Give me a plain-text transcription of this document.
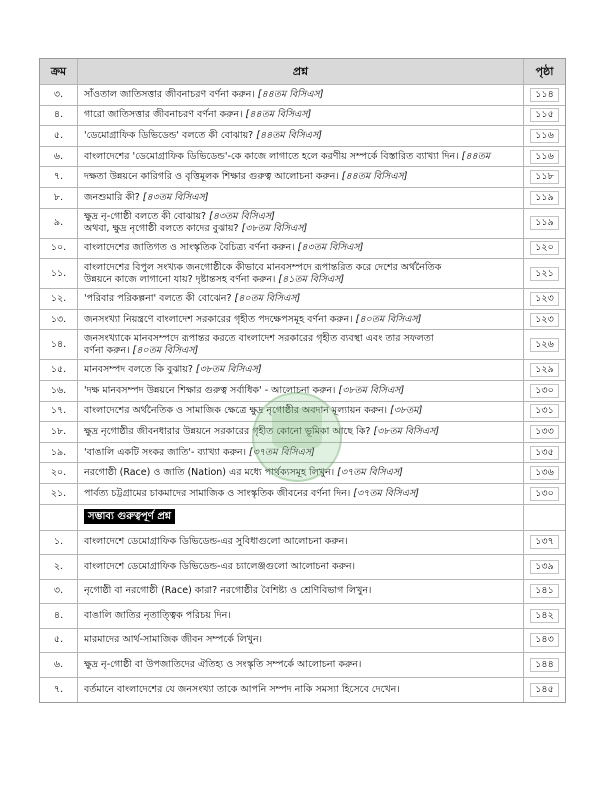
ক্রম	প্রশ্ন	পৃষ্ঠা
৩.	সাঁওতাল জাতিসত্তার জীবনাচরণ বর্ণনা করুন। [৪৪তম বিসিএস]	১১৪
৪.	গারো জাতিসত্তার জীবনাচরণ বর্ণনা করুন। [৪৪তম বিসিএস]	১১৫
৫.	'ডেমোগ্রাফিক ডিভিডেন্ড' বলতে কী বোঝায়? [৪৪তম বিসিএস]	১১৬
৬.	বাংলাদেশের 'ডেমোগ্রাফিক ডিভিডেন্ড'-কে কাজে লাগাতে হলে করণীয় সম্পর্কে বিস্তারিত ব্যাখ্যা দিন। [৪৪তম	১১৬
৭.	দক্ষতা উন্নয়নে কারিগরি ও বৃত্তিমূলক শিক্ষার গুরুত্ব আলোচনা করুন। [৪৪তম বিসিএস]	১১৮
৮.	জনশুমারি কী? [৪৩তম বিসিএস]	১১৯
৯.	ক্ষুদ্র নৃ-গোষ্ঠী বলতে কী বোঝায়? [৪৩তম বিসিএস]
অথবা, ক্ষুদ্র নৃগোষ্ঠী বলতে কাদের বুঝায়? [৩৮তম বিসিএস]	১১৯
১০.	বাংলাদেশের জাতিগত ও সাংস্কৃতিক বৈচিত্র্য বর্ণনা করুন। [৪৩তম বিসিএস]	১২০
১১.	বাংলাদেশের বিপুল সংখ্যক জনগোষ্ঠীকে কীভাবে মানবসম্পদে রূপান্তরিত করে দেশের অর্থনৈতিক
উন্নয়নে কাজে লাগানো যায়? দৃষ্টান্তসহ বর্ণনা করুন। [৪১তম বিসিএস]	১২১
১২.	'পরিবার পরিকল্পনা' বলতে কী বোঝেন? [৪০তম বিসিএস]	১২৩
১৩.	জনসংখ্যা নিয়ন্ত্রণে বাংলাদেশ সরকারের গৃহীত পদক্ষেপসমূহ বর্ণনা করুন। [৪০তম বিসিএস]	১২৩
১৪.	জনসংখ্যাকে মানবসম্পদে রূপান্তর করতে বাংলাদেশ সরকারের গৃহীত ব্যবস্থা এবং তার সফলতা
বর্ণনা করুন। [৪০তম বিসিএস]	১২৬
১৫.	মানবসম্পদ বলতে কি বুঝায়? [৩৮তম বিসিএস]	১২৯
১৬.	'দক্ষ মানবসম্পদ উন্নয়নে শিক্ষার গুরুত্ব সর্বাধিক' - আলোচনা করুন। [৩৮তম বিসিএস]	১৩০
১৭.	বাংলাদেশের অর্থনৈতিক ও সামাজিক ক্ষেত্রে ক্ষুদ্র নৃগোষ্ঠীর অবদান মূল্যায়ন করুন। [৩৮তম]	১৩১
১৮.	ক্ষুদ্র নৃগোষ্ঠীর জীবনধারার উন্নয়নে সরকারের গৃহীত কোনো ভূমিকা আছে কি? [৩৮তম বিসিএস]	১৩৩
১৯.	'বাঙালি একটি সংকর জাতি'- ব্যাখ্যা করুন। [৩৭তম বিসিএস]	১৩৫
২০.	নরগোষ্ঠী (Race) ও জাতি (Nation) এর মধ্যে পার্থক্যসমূহ লিখুন। [৩৭তম বিসিএস]	১৩৬
২১.	পার্বত্য চট্টগ্রামের চাকমাদের সামাজিক ও সাংস্কৃতিক জীবনের বর্ণনা দিন। [৩৭তম বিসিএস]	১৩০
	সম্ভাব্য গুরুত্বপূর্ণ প্রশ্ন	
১.	বাংলাদেশে ডেমোগ্রাফিক ডিভিডেন্ড-এর সুবিধাগুলো আলোচনা করুন।	১৩৭
২.	বাংলাদেশে ডেমোগ্রাফিক ডিভিডেন্ড-এর চ্যালেঞ্জগুলো আলোচনা করুন।	১৩৯
৩.	নৃগোষ্ঠী বা নরগোষ্ঠী (Race) কারা? নরগোষ্ঠীর বৈশিষ্ট্য ও শ্রেণিবিভাগ লিখুন।	১৪১
৪.	বাঙালি জাতির নৃতাত্ত্বিক পরিচয় দিন।	১৪২
৫.	মারমাদের আর্থ-সামাজিক জীবন সম্পর্কে লিখুন।	১৪৩
৬.	ক্ষুদ্র নৃ-গোষ্ঠী বা উপজাতিদের ঐতিহ্য ও সংস্কৃতি সম্পর্কে আলোচনা করুন।	১৪৪
৭.	বর্তমানে বাংলাদেশের যে জনসংখ্যা তাকে আপনি সম্পদ নাকি সমস্যা হিসেবে দেখেন।	১৪৫
